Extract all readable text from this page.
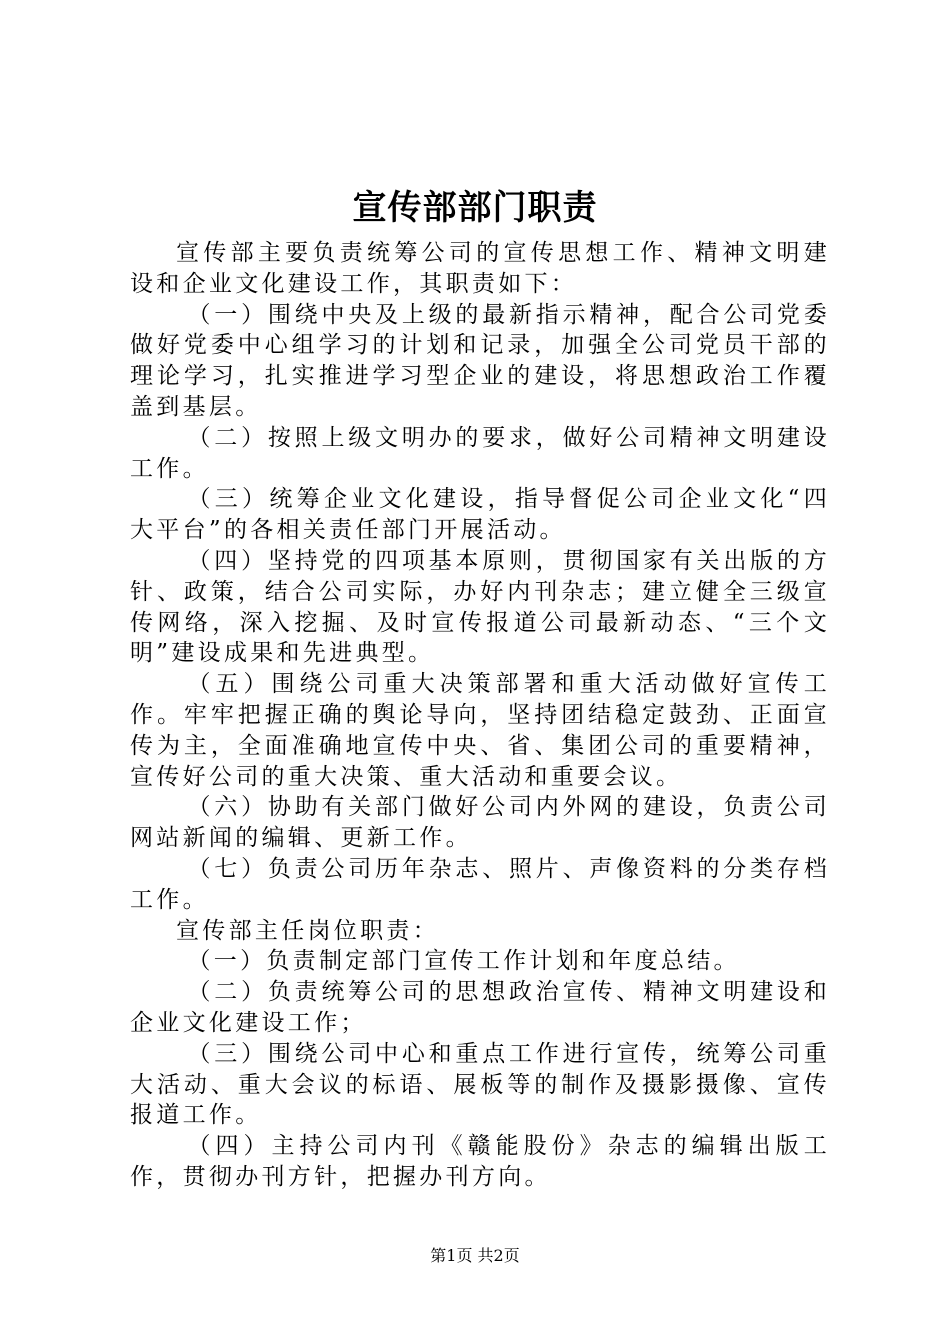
宣传部部门职责

宣传部主要负责统筹公司的宣传思想工作、精神文明建设和企业文化建设工作，其职责如下：

（一）围绕中央及上级的最新指示精神，配合公司党委做好党委中心组学习的计划和记录，加强全公司党员干部的理论学习，扎实推进学习型企业的建设，将思想政治工作覆盖到基层。

（二）按照上级文明办的要求，做好公司精神文明建设工作。

（三）统筹企业文化建设，指导督促公司企业文化“四大平台”的各相关责任部门开展活动。

（四）坚持党的四项基本原则，贯彻国家有关出版的方针、政策，结合公司实际，办好内刊杂志；建立健全三级宣传网络，深入挖掘、及时宣传报道公司最新动态、“三个文明”建设成果和先进典型。

（五）围绕公司重大决策部署和重大活动做好宣传工作。牢牢把握正确的舆论导向，坚持团结稳定鼓劲、正面宣传为主，全面准确地宣传中央、省、集团公司的重要精神，宣传好公司的重大决策、重大活动和重要会议。

（六）协助有关部门做好公司内外网的建设，负责公司网站新闻的编辑、更新工作。

（七）负责公司历年杂志、照片、声像资料的分类存档工作。

宣传部主任岗位职责：

（一）负责制定部门宣传工作计划和年度总结。

（二）负责统筹公司的思想政治宣传、精神文明建设和企业文化建设工作；

（三）围绕公司中心和重点工作进行宣传，统筹公司重大活动、重大会议的标语、展板等的制作及摄影摄像、宣传报道工作。

（四）主持公司内刊《赣能股份》杂志的编辑出版工作，贯彻办刊方针，把握办刊方向。

第1页 共2页
